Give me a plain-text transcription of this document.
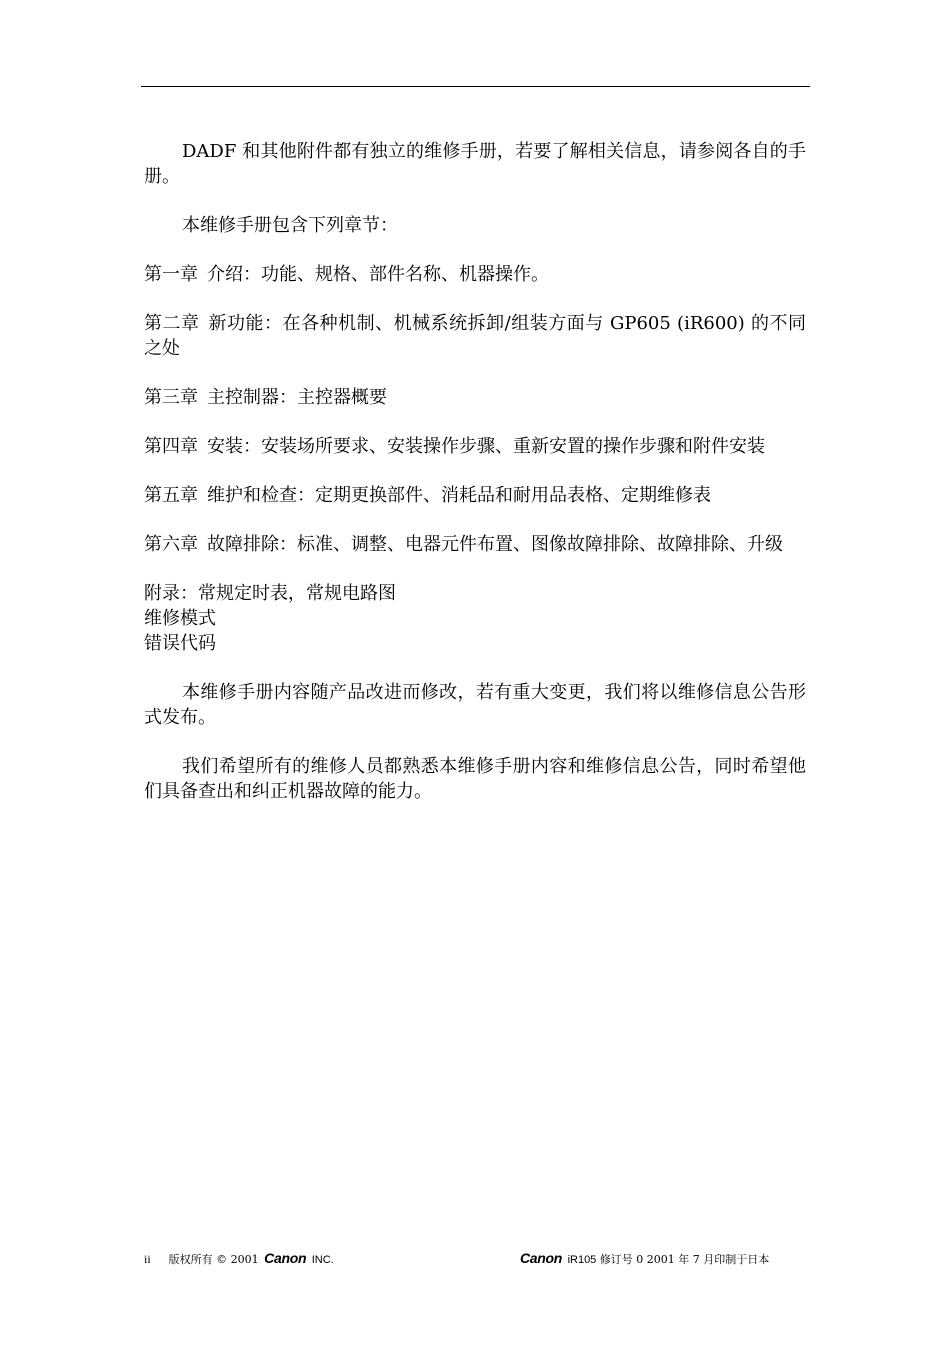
DADF 和其他附件都有独立的维修手册，若要了解相关信息，请参阅各自的手册。

本维修手册包含下列章节：

第一章 介绍：功能、规格、部件名称、机器操作。

第二章 新功能：在各种机制、机械系统拆卸/组装方面与 GP605 (iR600) 的不同之处

第三章 主控制器：主控器概要

第四章 安装：安装场所要求、安装操作步骤、重新安置的操作步骤和附件安装

第五章 维护和检查：定期更换部件、消耗品和耐用品表格、定期维修表

第六章 故障排除：标准、调整、电器元件布置、图像故障排除、故障排除、升级

附录：常规定时表，常规电路图

维修模式

错误代码

本维修手册内容随产品改进而修改，若有重大变更，我们将以维修信息公告形式发布。

我们希望所有的维修人员都熟悉本维修手册内容和维修信息公告，同时希望他们具备查出和纠正机器故障的能力。

ii 版权所有 © 2001 Canon INC.	Canon iR105 修订号 0 2001 年 7 月印制于日本
